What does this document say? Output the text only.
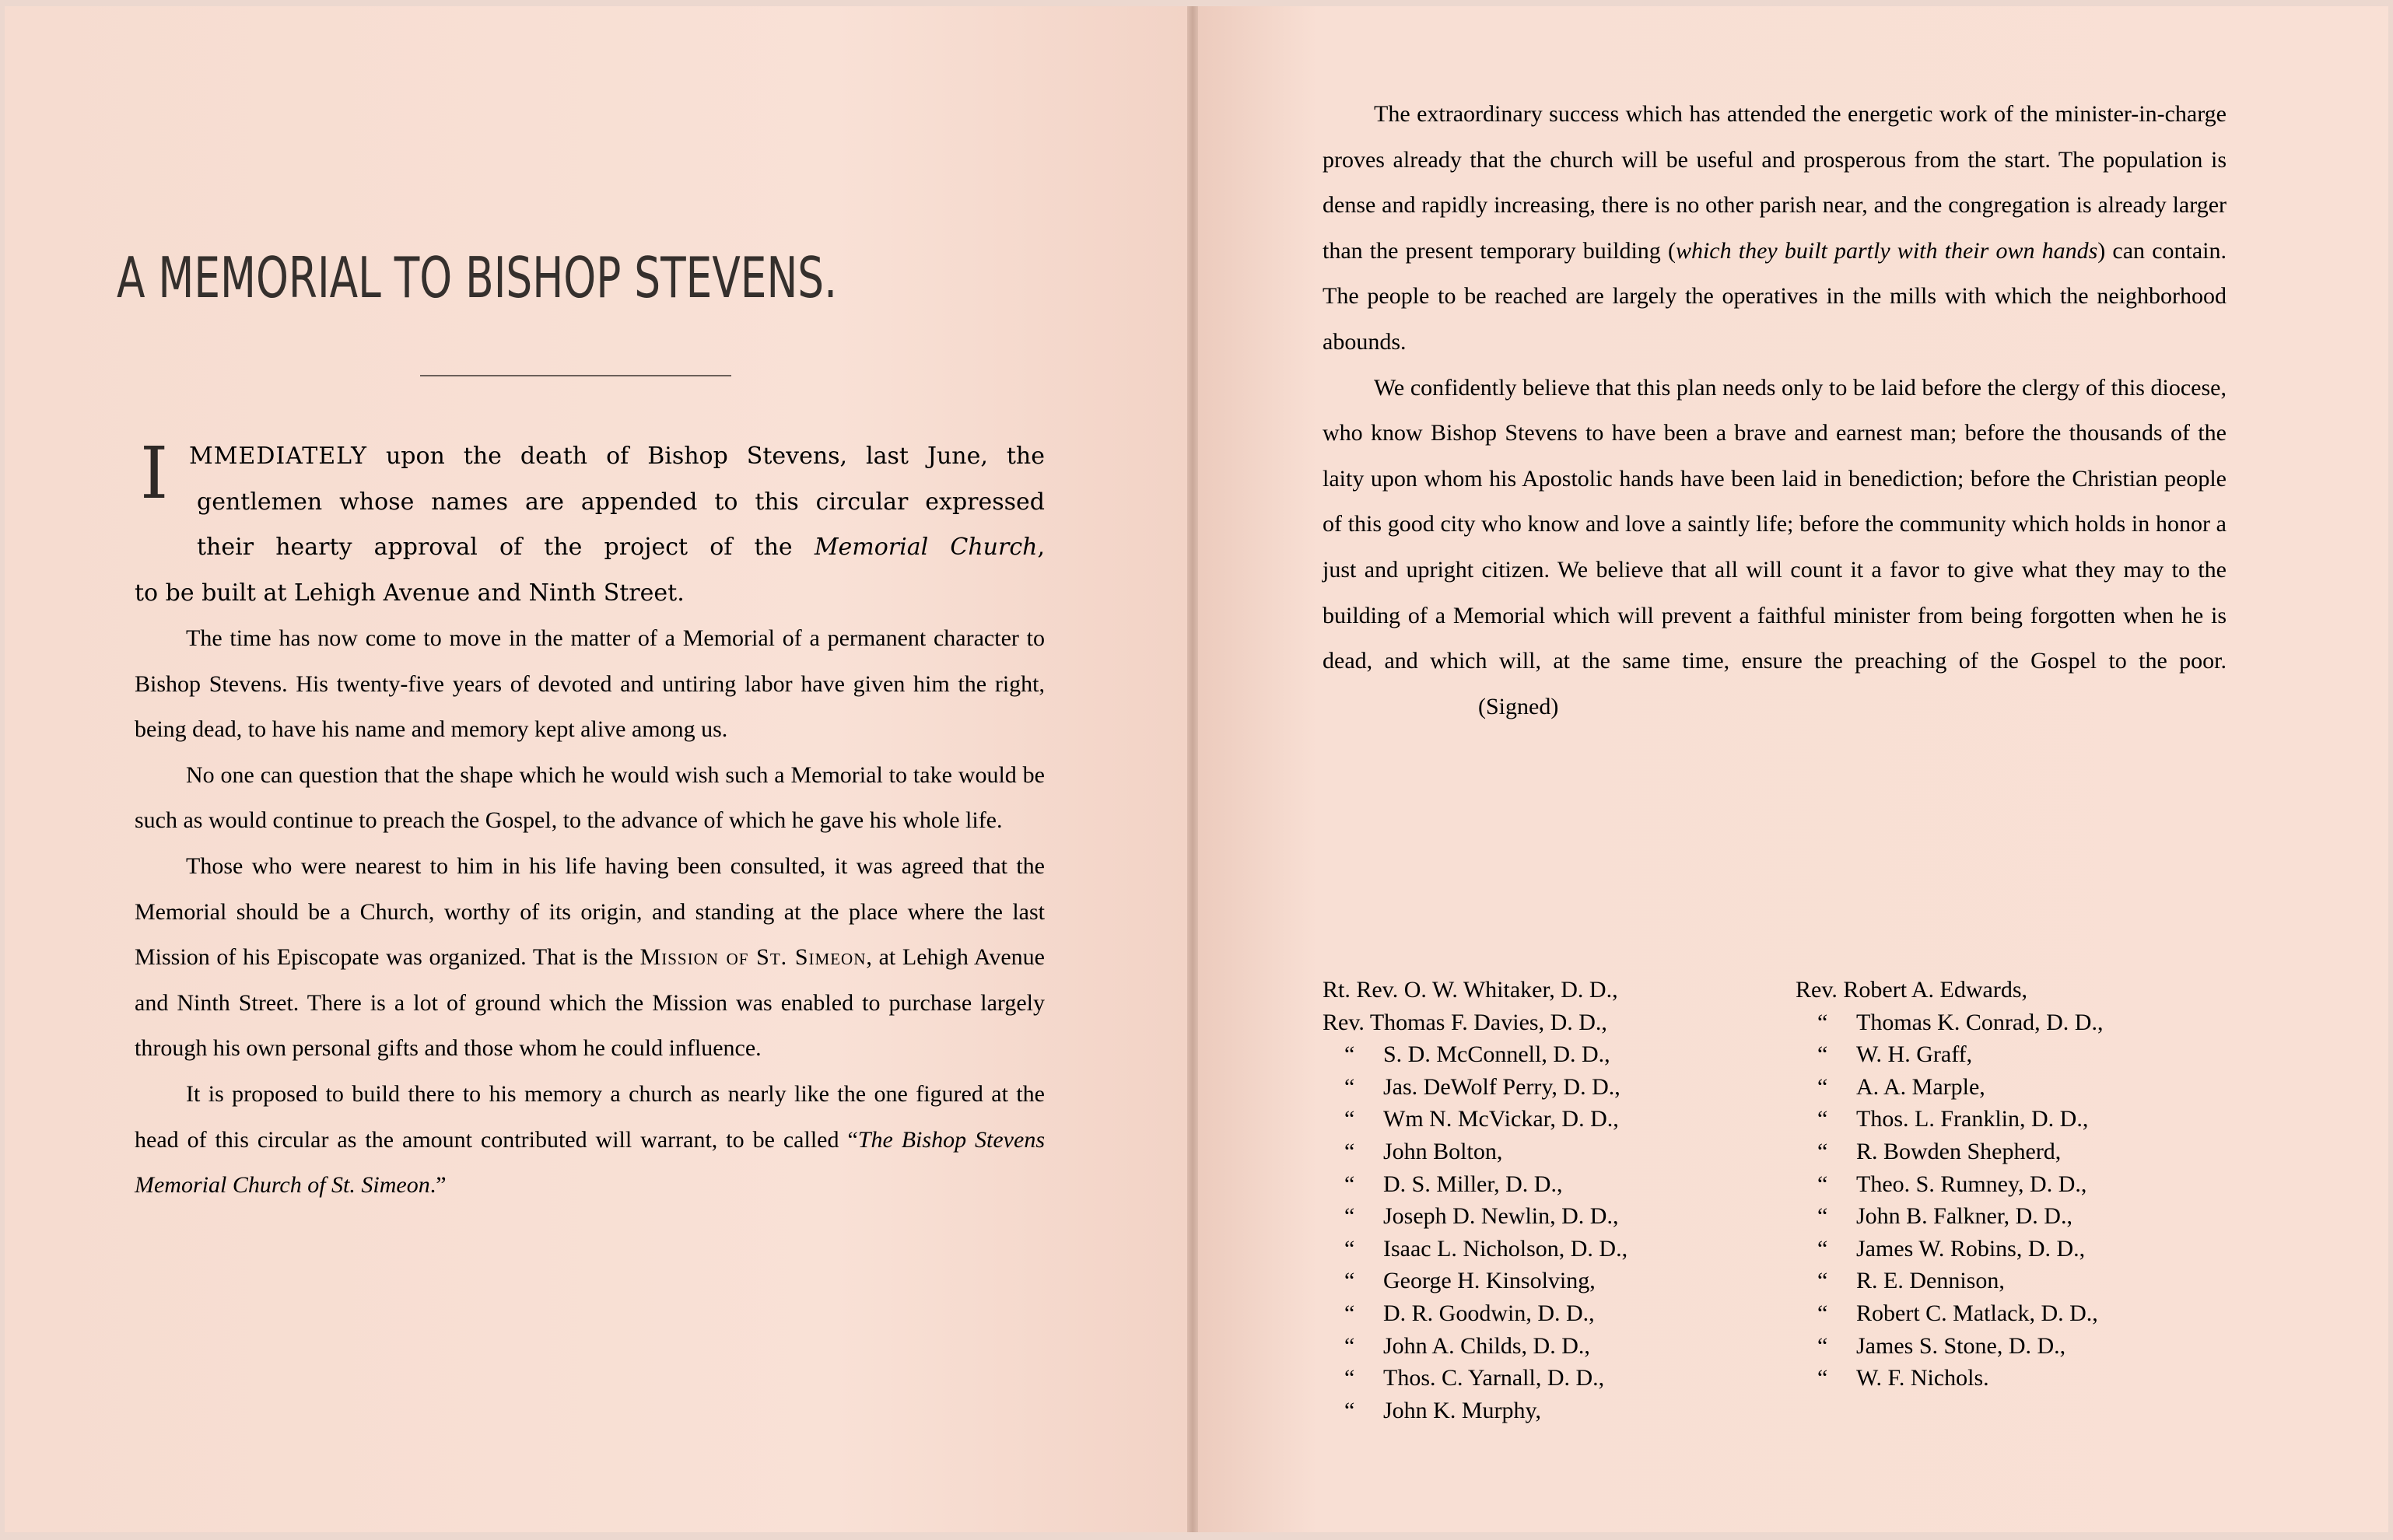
A MEMORIAL TO BISHOP STEVENS.
I MMEDIATELY upon the death of Bishop Stevens, last June, the
gentlemen whose names are appended to this circular expressed
their hearty approval of the project of the Memorial Church,
to be built at Lehigh Avenue and Ninth Street.

The time has now come to move in the matter of a Memorial of a permanent character to Bishop Stevens. His twenty-five years of devoted and untiring labor have given him the right, being dead, to have his name and memory kept alive among us.

No one can question that the shape which he would wish such a Memorial to take would be such as would continue to preach the Gospel, to the advance of which he gave his whole life.

Those who were nearest to him in his life having been consulted, it was agreed that the Memorial should be a Church, worthy of its origin, and standing at the place where the last Mission of his Episcopate was organized. That is the Mission of St. Simeon, at Lehigh Avenue and Ninth Street. There is a lot of ground which the Mission was enabled to purchase largely through his own personal gifts and those whom he could influence.

It is proposed to build there to his memory a church as nearly like the one figured at the head of this circular as the amount contributed will warrant, to be called “The Bishop Stevens Memorial Church of St. Simeon.”

The extraordinary success which has attended the energetic work of the minister-in-charge proves already that the church will be useful and prosperous from the start. The population is dense and rapidly increasing, there is no other parish near, and the congregation is already larger than the present temporary building (which they built partly with their own hands) can contain. The people to be reached are largely the operatives in the mills with which the neighborhood abounds.

We confidently believe that this plan needs only to be laid before the clergy of this diocese, who know Bishop Stevens to have been a brave and earnest man; before the thousands of the laity upon whom his Apostolic hands have been laid in benediction; before the Christian people of this good city who know and love a saintly life; before the community which holds in honor a just and upright citizen. We believe that all will count it a favor to give what they may to the building of a Memorial which will prevent a faithful minister from being forgotten when he is dead, and which will, at the same time, ensure the preaching of the Gospel to the poor.(Signed)

Rt. Rev. O. W. Whitaker, D. D.,
Rev. Thomas F. Davies, D. D.,
“ S. D. McConnell, D. D.,
“ Jas. DeWolf Perry, D. D.,
“ Wm N. McVickar, D. D.,
“ John Bolton,
“ D. S. Miller, D. D.,
“ Joseph D. Newlin, D. D.,
“ Isaac L. Nicholson, D. D.,
“ George H. Kinsolving,
“ D. R. Goodwin, D. D.,
“ John A. Childs, D. D.,
“ Thos. C. Yarnall, D. D.,
“ John K. Murphy,
Rev. Robert A. Edwards,
“ Thomas K. Conrad, D. D.,
“ W. H. Graff,
“ A. A. Marple,
“ Thos. L. Franklin, D. D.,
“ R. Bowden Shepherd,
“ Theo. S. Rumney, D. D.,
“ John B. Falkner, D. D.,
“ James W. Robins, D. D.,
“ R. E. Dennison,
“ Robert C. Matlack, D. D.,
“ James S. Stone, D. D.,
“ W. F. Nichols.
